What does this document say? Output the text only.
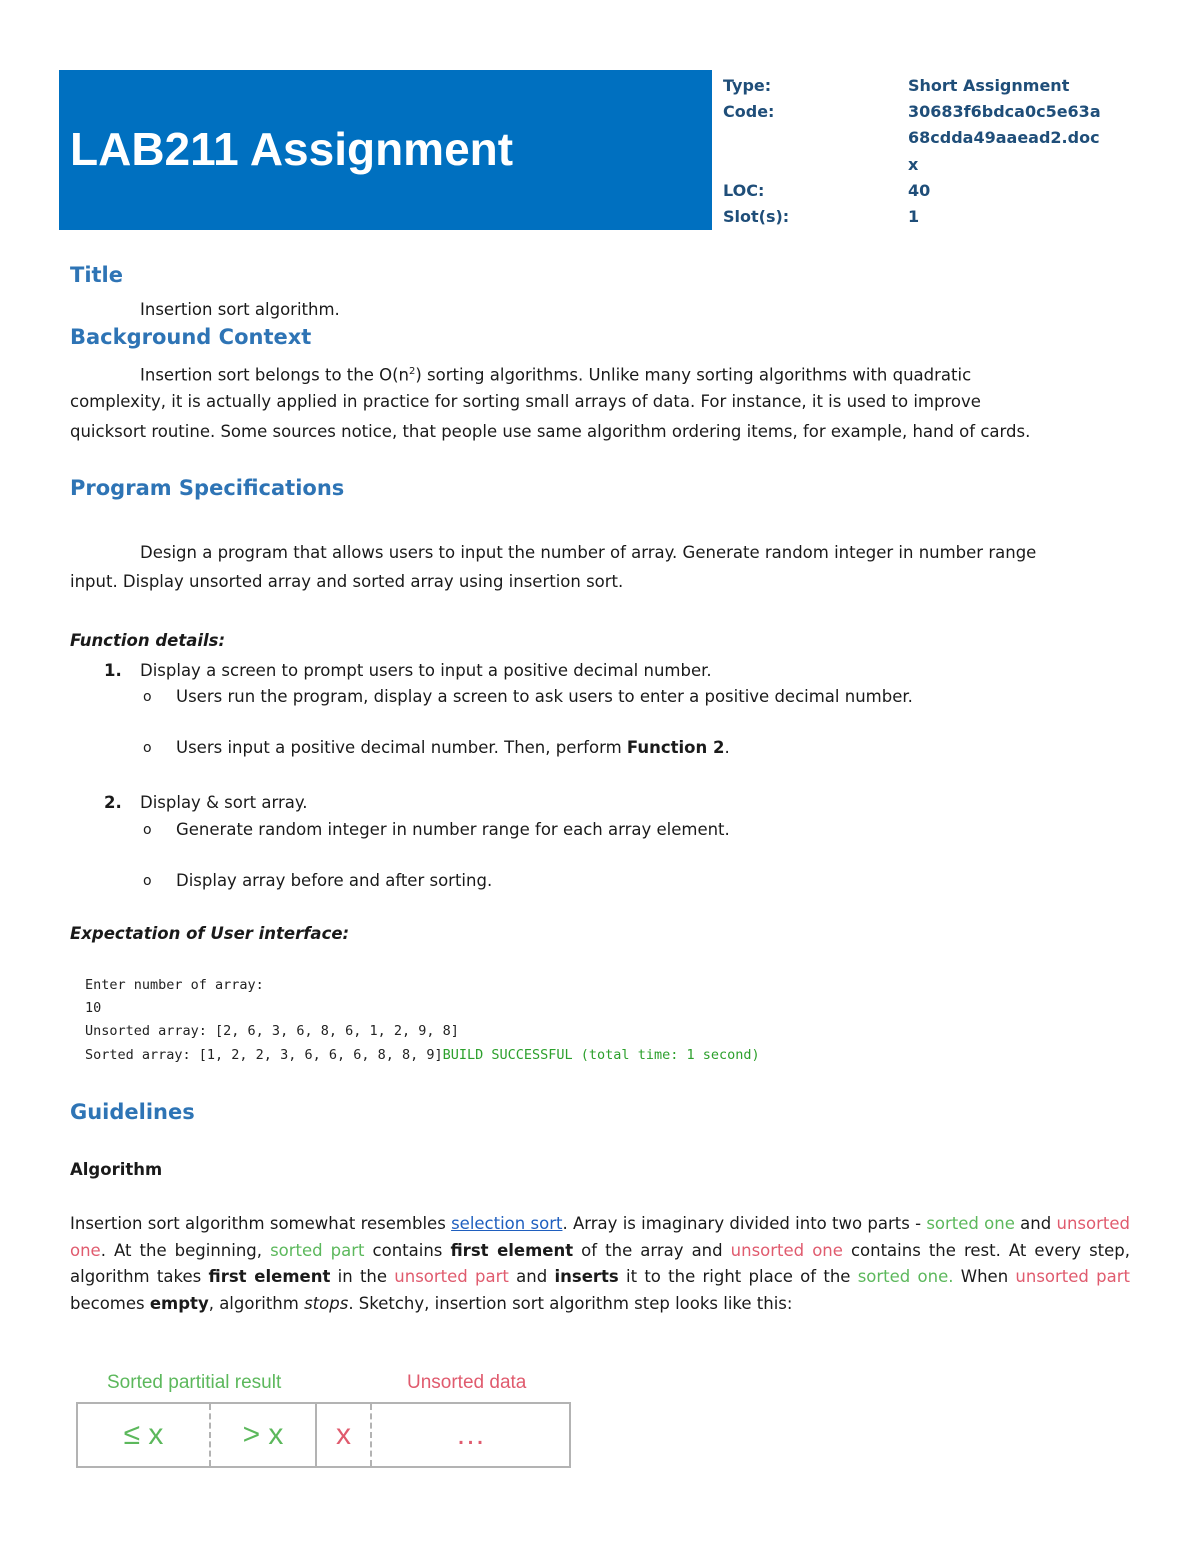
LAB211 Assignment
Type:	Short Assignment
Code:	30683f6bdca0c5e63a
68cdda49aaead2.doc
x
LOC:	40
Slot(s):	1
Title
Insertion sort algorithm.
Background Context
Insertion sort belongs to the $O(n^2)$ sorting algorithms. Unlike many sorting algorithms with quadratic
complexity, it is actually applied in practice for sorting small arrays of data. For instance, it is used to improve
quicksort routine. Some sources notice, that people use same algorithm ordering items, for example, hand of cards.
Program Specifications
Design a program that allows users to input the number of array. Generate random integer in number range
input. Display unsorted array and sorted array using insertion sort.
Function details:
1. Display a screen to prompt users to input a positive decimal number.
o Users run the program, display a screen to ask users to enter a positive decimal number.
o Users input a positive decimal number. Then, perform Function 2.
2. Display & sort array.
o Generate random integer in number range for each array element.
o Display array before and after sorting.
Expectation of User interface:
Enter number of array:
10
Unsorted array: [2, 6, 3, 6, 8, 6, 1, 2, 9, 8]
Sorted array: [1, 2, 2, 3, 6, 6, 6, 8, 8, 9]BUILD SUCCESSFUL (total time: 1 second)
Guidelines
Algorithm
Insertion sort algorithm somewhat resembles selection sort. Array is imaginary divided into two parts - sorted one and unsorted one. At the beginning, sorted part contains first element of the array and unsorted one contains the rest. At every step, algorithm takes first element in the unsorted part and inserts it to the right place of the sorted one. When unsorted part becomes empty, algorithm stops. Sketchy, insertion sort algorithm step looks like this:
Sorted partitial result	Unsorted data
≤ x	> x	x	…
